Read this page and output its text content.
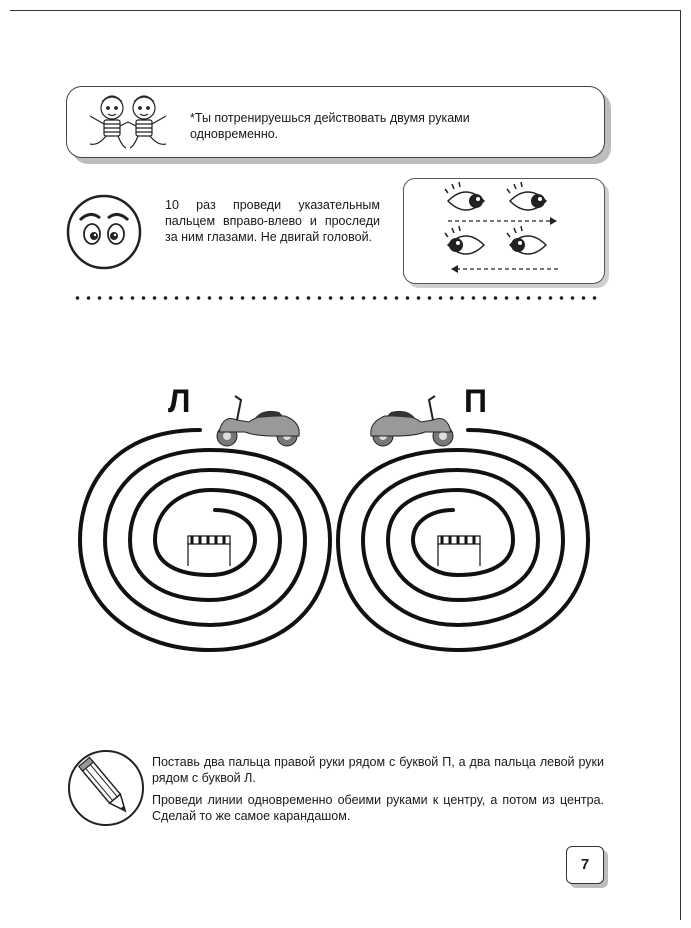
*Ты потренируешься действовать двумя руками одновременно.
10 раз проведи указательным пальцем вправо-влево и проследи за ним глазами. Не двигай головой.
Л	П

Поставь два пальца правой руки рядом с буквой П, а два пальца левой руки рядом с буквой Л.

Проведи линии одновременно обеими руками к центру, а потом из центра. Сделай то же самое карандашом.

7
